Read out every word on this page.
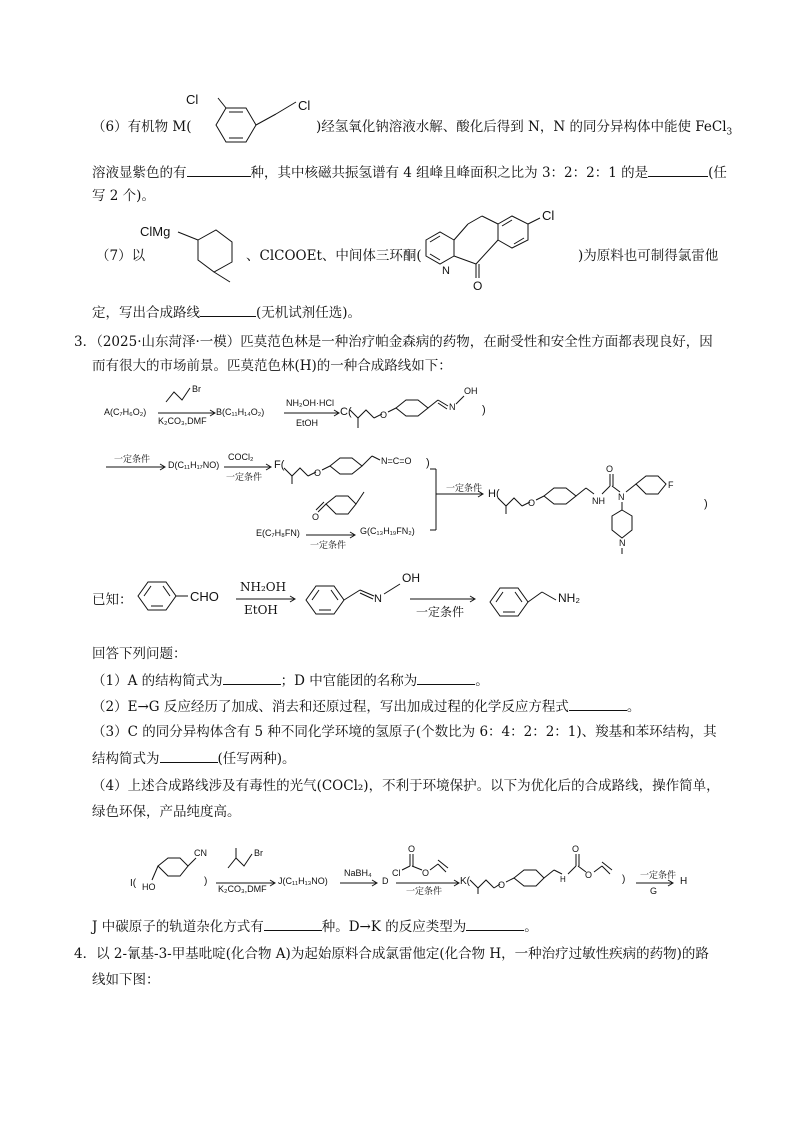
（6）有机物 M(
Cl	Cl
)经氢氧化钠溶液水解、酸化后得到 N，N 的同分异构体中能使 FeCl$_3$
溶液显紫色的有	种，其中核磁共振氢谱有 4 组峰且峰面积之比为 3：2：2：1 的是	(任
写 2 个)。
（7）以
ClMg
、ClCOOEt、中间体三环酮(
Cl
N
O
)为原料也可制得氯雷他
定，写出合成路线	(无机试剂任选)。
3．（2025·山东菏泽·一模）匹莫范色林是一种治疗帕金森病的药物，在耐受性和安全性方面都表现良好，因
而有很大的市场前景。匹莫范色林(H)的一种合成路线如下：
A(C₇H₆O₂)
Br
K₂CO₃,DMF
B(C₁₁H₁₄O₂)
NH₂OH·HCl
EtOH
C(	O
N
OH
)
一定条件
D(C₁₁H₁₇NO)
COCl₂
一定条件
F(
O
N=C=O )
O
E(C₇H₈FN)
一定条件
G(C₁₃H₁₉FN₂)
一定条件 H(
O	NH
O
N
F
N
)
已知：	CHO
NH₂OH
EtOH
N
OH
一定条件
NH₂
回答下列问题：
（1）A 的结构简式为	；D 中官能团的名称为	。
（2）E→G 反应经历了加成、消去和还原过程，写出加成过程的化学反应方程式	。
（3）C 的同分异构体含有 5 种不同化学环境的氢原子(个数比为 6：4：2：2：1)、羧基和苯环结构，其
结构简式为	(任写两种)。
（4）上述合成路线涉及有毒性的光气(COCl₂)，不利于环境保护。以下为优化后的合成路线，操作简单，
绿色环保，产品纯度高。
I(
CN
HO	)
Br
K₂CO₃,DMF
J(C₁₁H₁₃NO)
NaBH₄
D
O
Cl O
一定条件
K(	O
H
O
O	) 一定条件
G
H
J 中碳原子的轨道杂化方式有	种。D→K 的反应类型为	。
4．以 2-氰基-3-甲基吡啶(化合物 A)为起始原料合成氯雷他定(化合物 H，一种治疗过敏性疾病的药物)的路
线如下图：
